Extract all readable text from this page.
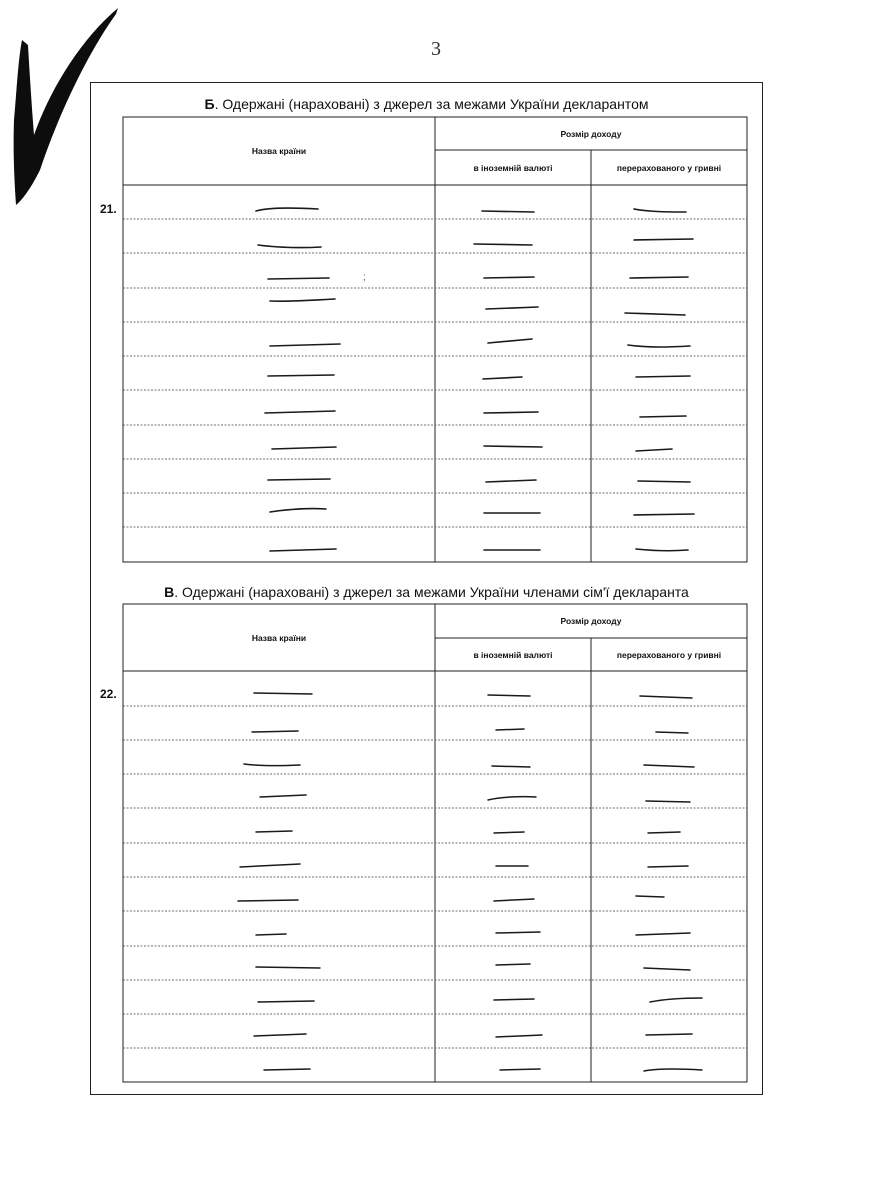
3
Б. Одержані (нараховані) з джерел за межами України декларантом
Назва країни
Розмір доходу
в іноземній валюті	перерахованого у гривні
21.
;
В. Одержані (нараховані) з джерел за межами України членами сім'ї декларанта
Назва країни
Розмір доходу
в іноземній валюті	перерахованого у гривні
22.
